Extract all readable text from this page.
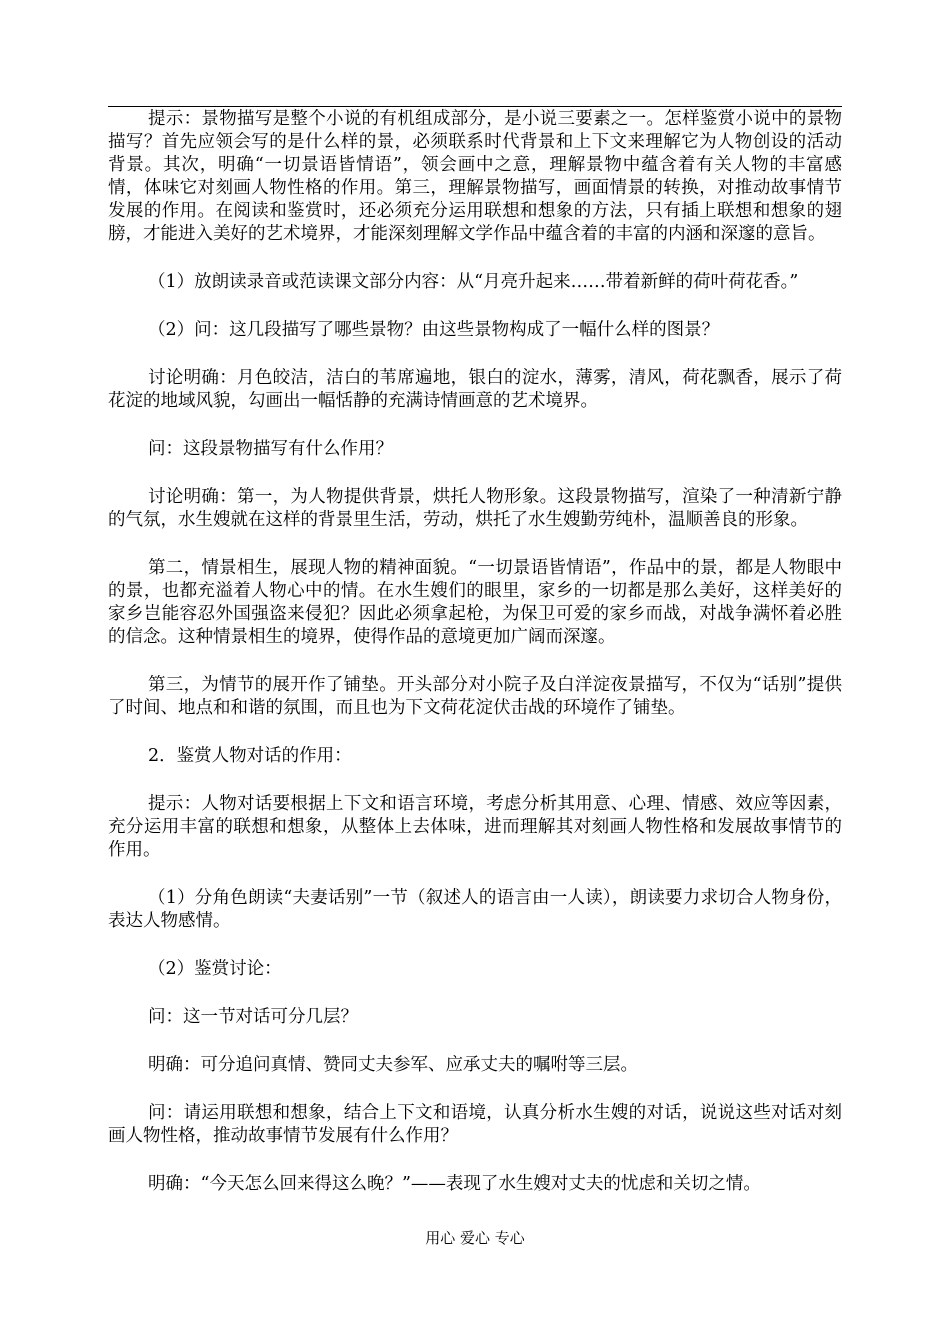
提示：景物描写是整个小说的有机组成部分，是小说三要素之一。怎样鉴赏小说中的景物描写？首先应领会写的是什么样的景，必须联系时代背景和上下文来理解它为人物创设的活动背景。其次，明确“一切景语皆情语”，领会画中之意，理解景物中蕴含着有关人物的丰富感情，体味它对刻画人物性格的作用。第三，理解景物描写，画面情景的转换，对推动故事情节发展的作用。在阅读和鉴赏时，还必须充分运用联想和想象的方法，只有插上联想和想象的翅膀，才能进入美好的艺术境界，才能深刻理解文学作品中蕴含着的丰富的内涵和深邃的意旨。

（1）放朗读录音或范读课文部分内容：从“月亮升起来……带着新鲜的荷叶荷花香。”

（2）问：这几段描写了哪些景物？由这些景物构成了一幅什么样的图景？

讨论明确：月色皎洁，洁白的苇席遍地，银白的淀水，薄雾，清风，荷花飘香，展示了荷花淀的地域风貌，勾画出一幅恬静的充满诗情画意的艺术境界。

问：这段景物描写有什么作用？

讨论明确：第一，为人物提供背景，烘托人物形象。这段景物描写，渲染了一种清新宁静的气氛，水生嫂就在这样的背景里生活，劳动，烘托了水生嫂勤劳纯朴，温顺善良的形象。

第二，情景相生，展现人物的精神面貌。“一切景语皆情语”，作品中的景，都是人物眼中的景，也都充溢着人物心中的情。在水生嫂们的眼里，家乡的一切都是那么美好，这样美好的家乡岂能容忍外国强盗来侵犯？因此必须拿起枪，为保卫可爱的家乡而战，对战争满怀着必胜的信念。这种情景相生的境界，使得作品的意境更加广阔而深邃。

第三，为情节的展开作了铺垫。开头部分对小院子及白洋淀夜景描写，不仅为“话别”提供了时间、地点和和谐的氛围，而且也为下文荷花淀伏击战的环境作了铺垫。

2．鉴赏人物对话的作用：

提示：人物对话要根据上下文和语言环境，考虑分析其用意、心理、情感、效应等因素，充分运用丰富的联想和想象，从整体上去体味，进而理解其对刻画人物性格和发展故事情节的作用。

（1）分角色朗读“夫妻话别”一节（叙述人的语言由一人读），朗读要力求切合人物身份，表达人物感情。

（2）鉴赏讨论：

问：这一节对话可分几层？

明确：可分追问真情、赞同丈夫参军、应承丈夫的嘱咐等三层。

问：请运用联想和想象，结合上下文和语境，认真分析水生嫂的对话，说说这些对话对刻画人物性格，推动故事情节发展有什么作用？

明确：“今天怎么回来得这么晚？”——表现了水生嫂对丈夫的忧虑和关切之情。

用心 爱心 专心
